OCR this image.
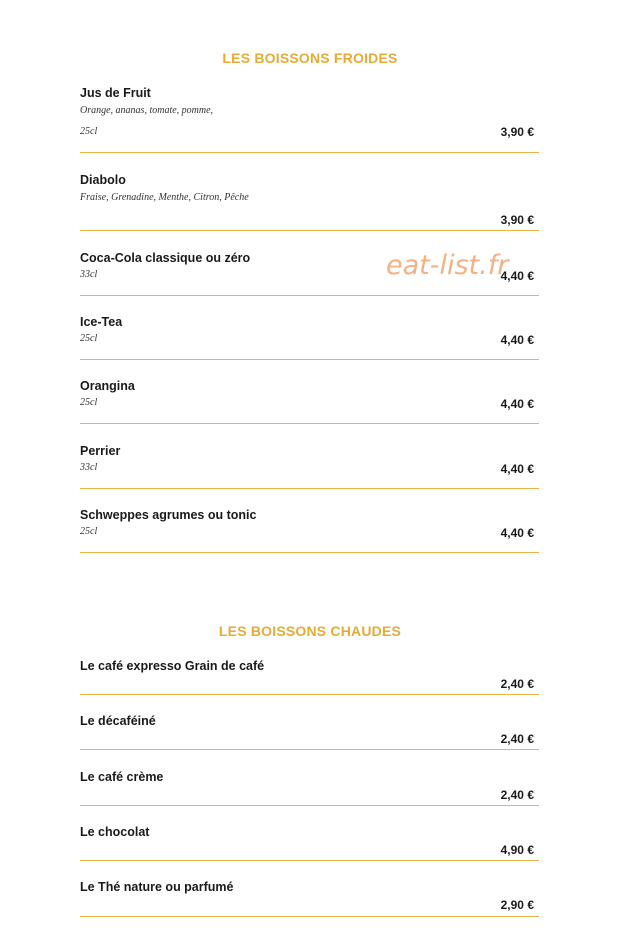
LES BOISSONS FROIDES
Jus de Fruit
Orange, ananas, tomate, pomme,
25cl	3,90 €
Diabolo
Fraise, Grenadine, Menthe, Citron, Pêche
3,90 €
Coca-Cola classique ou zéro
33cl	4,40 €
Ice-Tea
25cl	4,40 €
Orangina
25cl	4,40 €
Perrier
33cl	4,40 €
Schweppes agrumes ou tonic
25cl	4,40 €
LES BOISSONS CHAUDES
Le café expresso Grain de café
2,40 €
Le décaféiné
2,40 €
Le café crème
2,40 €
Le chocolat
4,90 €
Le Thé nature ou parfumé
2,90 €
eat-list.fr
